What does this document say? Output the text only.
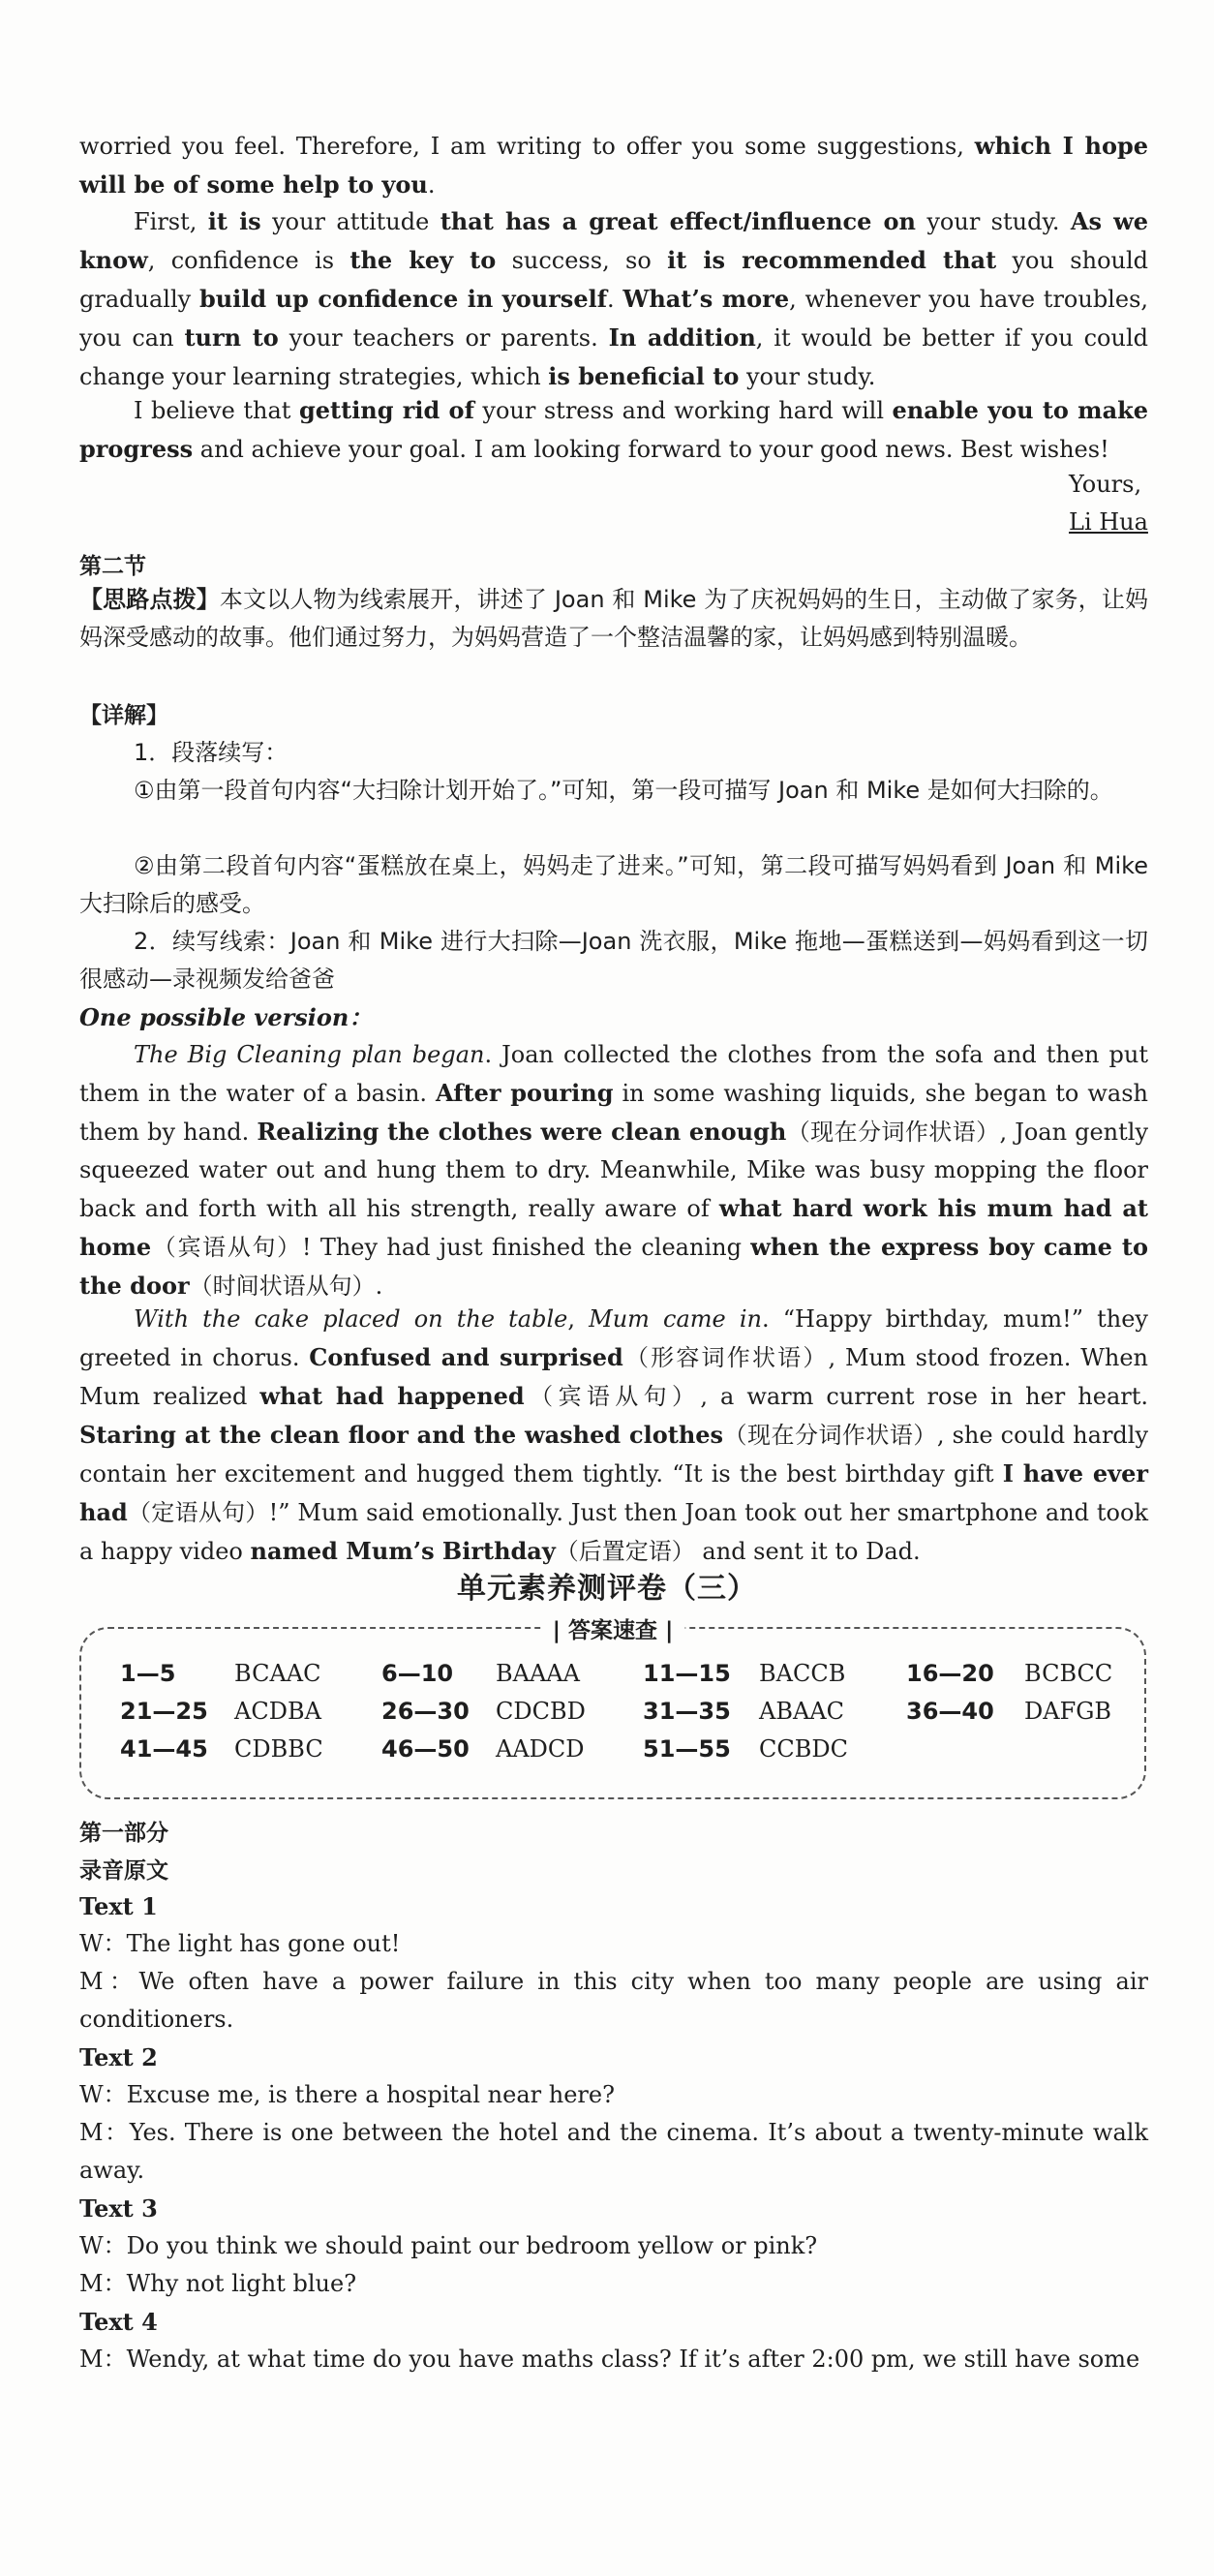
worried you feel. Therefore, I am writing to offer you some suggestions, which I hope will be of some help to you.

First, it is your attitude that has a great effect/influence on your study. As we know, confidence is the key to success, so it is recommended that you should gradually build up confidence in yourself. What’s more, whenever you have troubles, you can turn to your teachers or parents. In addition, it would be better if you could change your learning strategies, which is beneficial to your study.

I believe that getting rid of your stress and working hard will enable you to make progress and achieve your goal. I am looking forward to your good news. Best wishes!

Yours,
Li Hua
第二节

【思路点拨】本文以人物为线索展开，讲述了 Joan 和 Mike 为了庆祝妈妈的生日，主动做了家务，让妈妈深受感动的故事。他们通过努力，为妈妈营造了一个整洁温馨的家，让妈妈感到特别温暖。

【详解】

1．段落续写：

①由第一段首句内容“大扫除计划开始了。”可知，第一段可描写 Joan 和 Mike 是如何大扫除的。

②由第二段首句内容“蛋糕放在桌上，妈妈走了进来。”可知，第二段可描写妈妈看到 Joan 和 Mike 大扫除后的感受。

2．续写线索：Joan 和 Mike 进行大扫除—Joan 洗衣服，Mike 拖地—蛋糕送到—妈妈看到这一切很感动—录视频发给爸爸

One possible version：

The Big Cleaning plan began. Joan collected the clothes from the sofa and then put them in the water of a basin. After pouring in some washing liquids, she began to wash them by hand. Realizing the clothes were clean enough（现在分词作状语）, Joan gently squeezed water out and hung them to dry. Meanwhile, Mike was busy mopping the floor back and forth with all his strength, really aware of what hard work his mum had at home（宾语从句）! They had just finished the cleaning when the express boy came to the door（时间状语从句）.

With the cake placed on the table, Mum came in. “Happy birthday, mum!” they greeted in chorus. Confused and surprised（形容词作状语）, Mum stood frozen. When Mum realized what had happened（宾语从句）, a warm current rose in her heart. Staring at the clean floor and the washed clothes（现在分词作状语）, she could hardly contain her excitement and hugged them tightly. “It is the best birthday gift I have ever had（定语从句）!” Mum said emotionally. Just then Joan took out her smartphone and took a happy video named Mum’s Birthday（后置定语） and sent it to Dad.

单元素养测评卷（三）
| 答案速查 |
1—5	BCAAC	6—10 BAAAA	11—15 BACCB	16—20 BCBCC
21—25 ACDBA	26—30 CDCBD 31—35 ABAAC	36—40 DAFGB
41—45 CDBBC	46—50 AADCD	51—55 CCBDC
第一部分
录音原文
Text 1

W：The light has gone out!

M：We often have a power failure in this city when too many people are using air conditioners.

Text 2

W：Excuse me, is there a hospital near here?

M：Yes. There is one between the hotel and the cinema. It’s about a twenty-minute walk away.

Text 3

W：Do you think we should paint our bedroom yellow or pink?

M：Why not light blue?

Text 4

M：Wendy, at what time do you have maths class? If it’s after 2:00 pm, we still have some
